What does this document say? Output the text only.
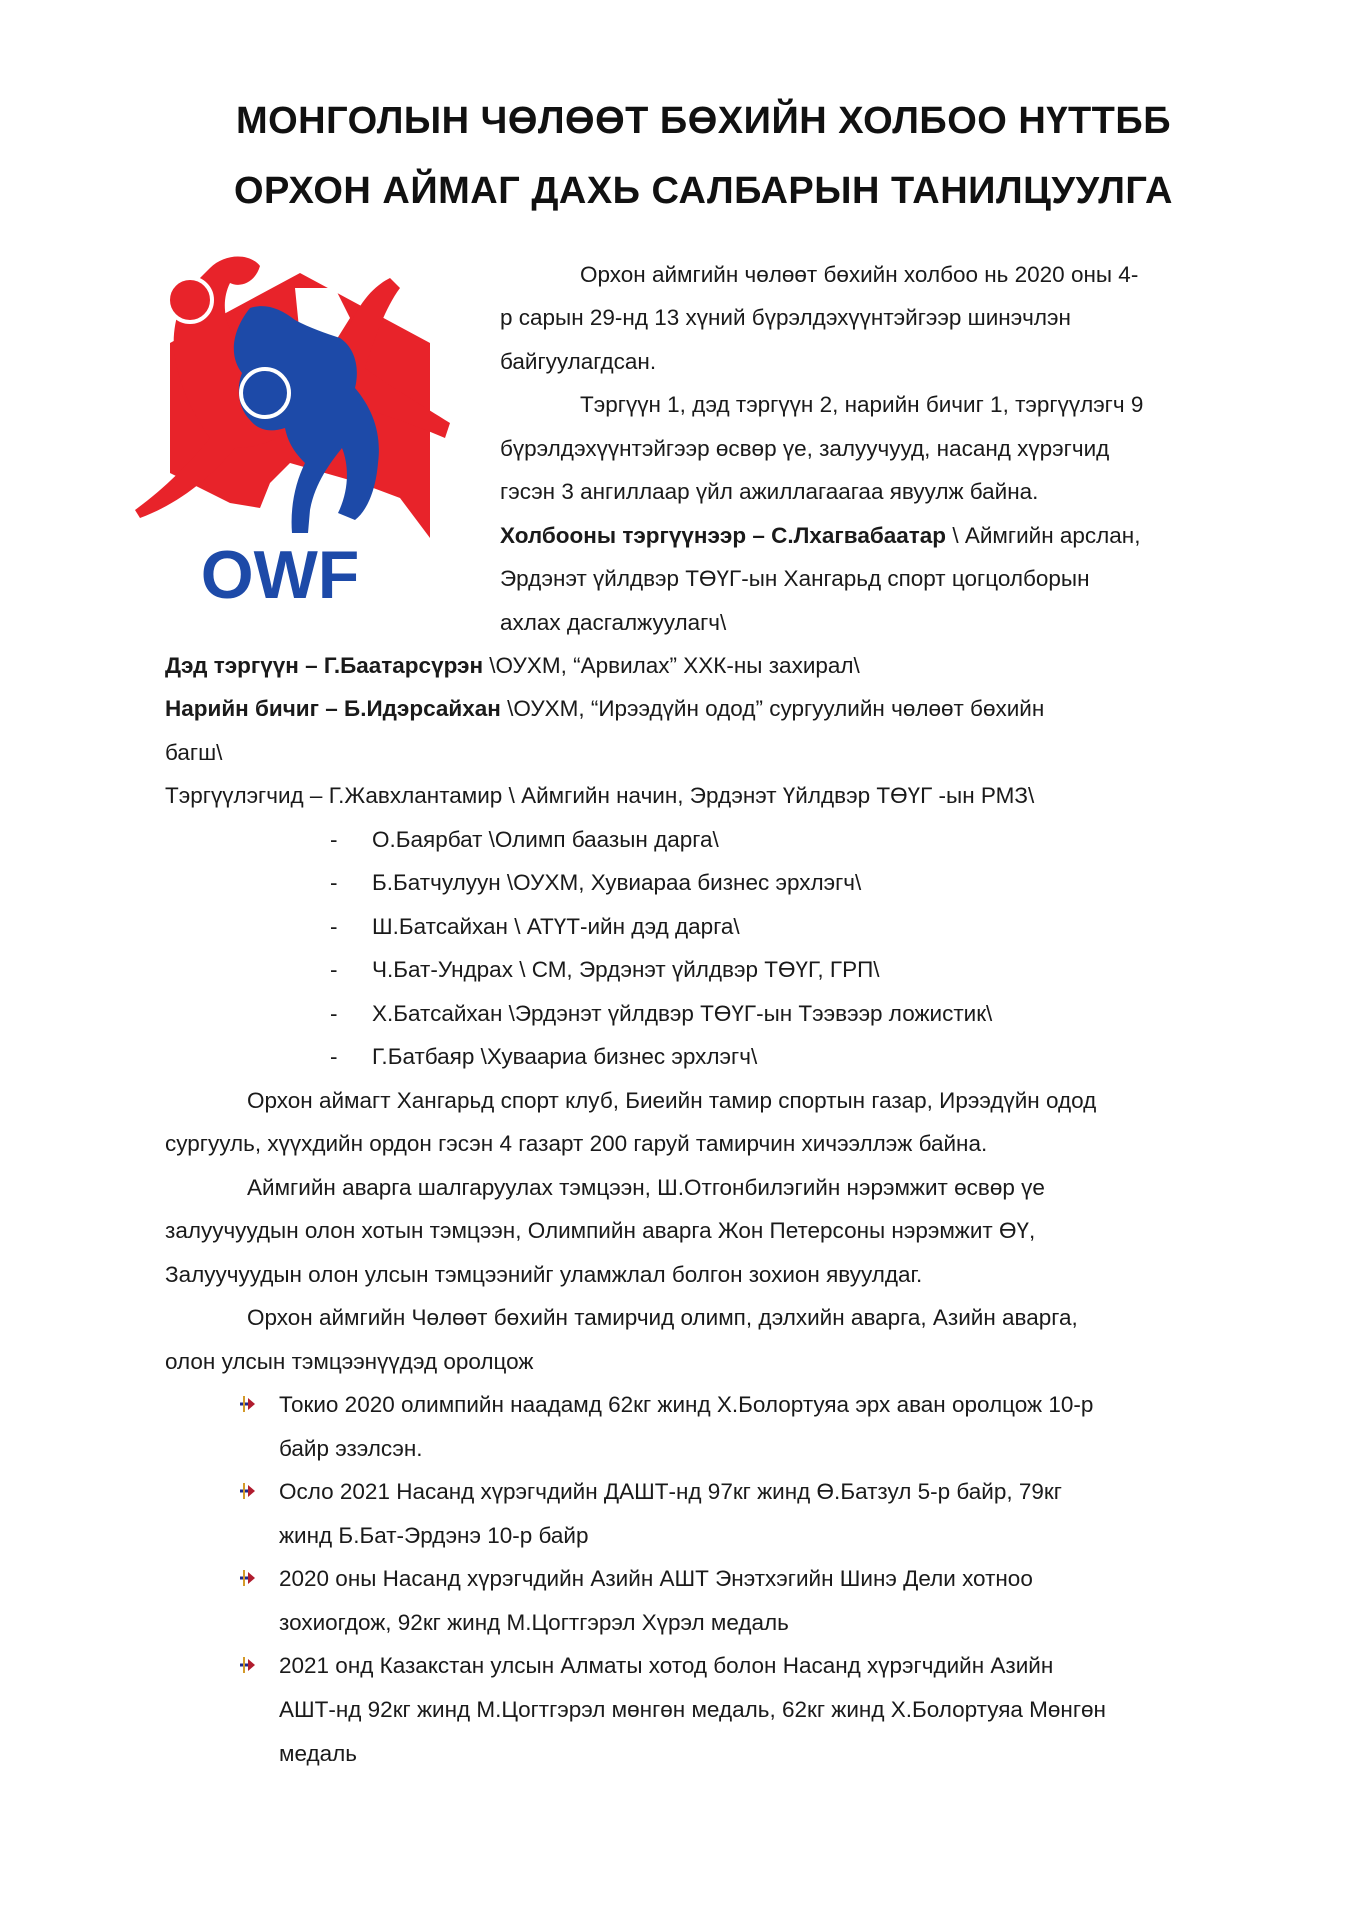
МОНГОЛЫН ЧӨЛӨӨТ БӨХИЙН ХОЛБОО НҮТТББ
ОРХОН АЙМАГ ДАХЬ САЛБАРЫН ТАНИЛЦУУЛГА
OWF
Орхон аймгийн чөлөөт бөхийн холбоо нь 2020 оны 4-
р сарын 29-нд 13 хүний бүрэлдэхүүнтэйгээр шинэчлэн
байгуулагдсан.
Тэргүүн 1, дэд тэргүүн 2, нарийн бичиг 1, тэргүүлэгч 9
бүрэлдэхүүнтэйгээр өсвөр үе, залуучууд, насанд хүрэгчид
гэсэн 3 ангиллаар үйл ажиллагаагаа явуулж байна.
Холбооны тэргүүнээр – С.Лхагвабаатар \ Аймгийн арслан,
Эрдэнэт үйлдвэр ТӨҮГ-ын Хангарьд спорт цогцолборын
ахлах дасгалжуулагч\
Дэд тэргүүн – Г.Баатарсүрэн \ОУХМ, “Арвилах” ХХК-ны захирал\
Нарийн бичиг – Б.Идэрсайхан \ОУХМ, “Ирээдүйн одод” сургуулийн чөлөөт бөхийн
багш\
Тэргүүлэгчид – Г.Жавхлантамир \ Аймгийн начин, Эрдэнэт Үйлдвэр ТӨҮГ -ын РМЗ\
- О.Баярбат \Олимп баазын дарга\
- Б.Батчулуун \ОУХМ, Хувиараа бизнес эрхлэгч\
- Ш.Батсайхан \ АТҮТ-ийн дэд дарга\
- Ч.Бат-Ундрах \ СМ, Эрдэнэт үйлдвэр ТӨҮГ, ГРП\
- Х.Батсайхан \Эрдэнэт үйлдвэр ТӨҮГ-ын Тээвээр ложистик\
- Г.Батбаяр \Хуваариа бизнес эрхлэгч\
Орхон аймагт Хангарьд спорт клуб, Биеийн тамир спортын газар, Ирээдүйн одод
сургууль, хүүхдийн ордон гэсэн 4 газарт 200 гаруй тамирчин хичээллэж байна.
Аймгийн аварга шалгаруулах тэмцээн, Ш.Отгонбилэгийн нэрэмжит өсвөр үе
залуучуудын олон хотын тэмцээн, Олимпийн аварга Жон Петерсоны нэрэмжит ӨҮ,
Залуучуудын олон улсын тэмцээнийг уламжлал болгон зохион явуулдаг.
Орхон аймгийн Чөлөөт бөхийн тамирчид олимп, дэлхийн аварга, Азийн аварга,
олон улсын тэмцээнүүдэд оролцож
Токио 2020 олимпийн наадамд 62кг жинд Х.Болортуяа эрх аван оролцож 10-р
байр эзэлсэн.
Осло 2021 Насанд хүрэгчдийн ДАШТ-нд 97кг жинд Ө.Батзул 5-р байр, 79кг
жинд Б.Бат-Эрдэнэ 10-р байр
2020 оны Насанд хүрэгчдийн Азийн АШТ Энэтхэгийн Шинэ Дели хотноо
зохиогдож, 92кг жинд М.Цогтгэрэл Хүрэл медаль
2021 онд Казакстан улсын Алматы хотод болон Насанд хүрэгчдийн Азийн
АШТ-нд 92кг жинд М.Цогтгэрэл мөнгөн медаль, 62кг жинд Х.Болортуяа Мөнгөн
медаль
